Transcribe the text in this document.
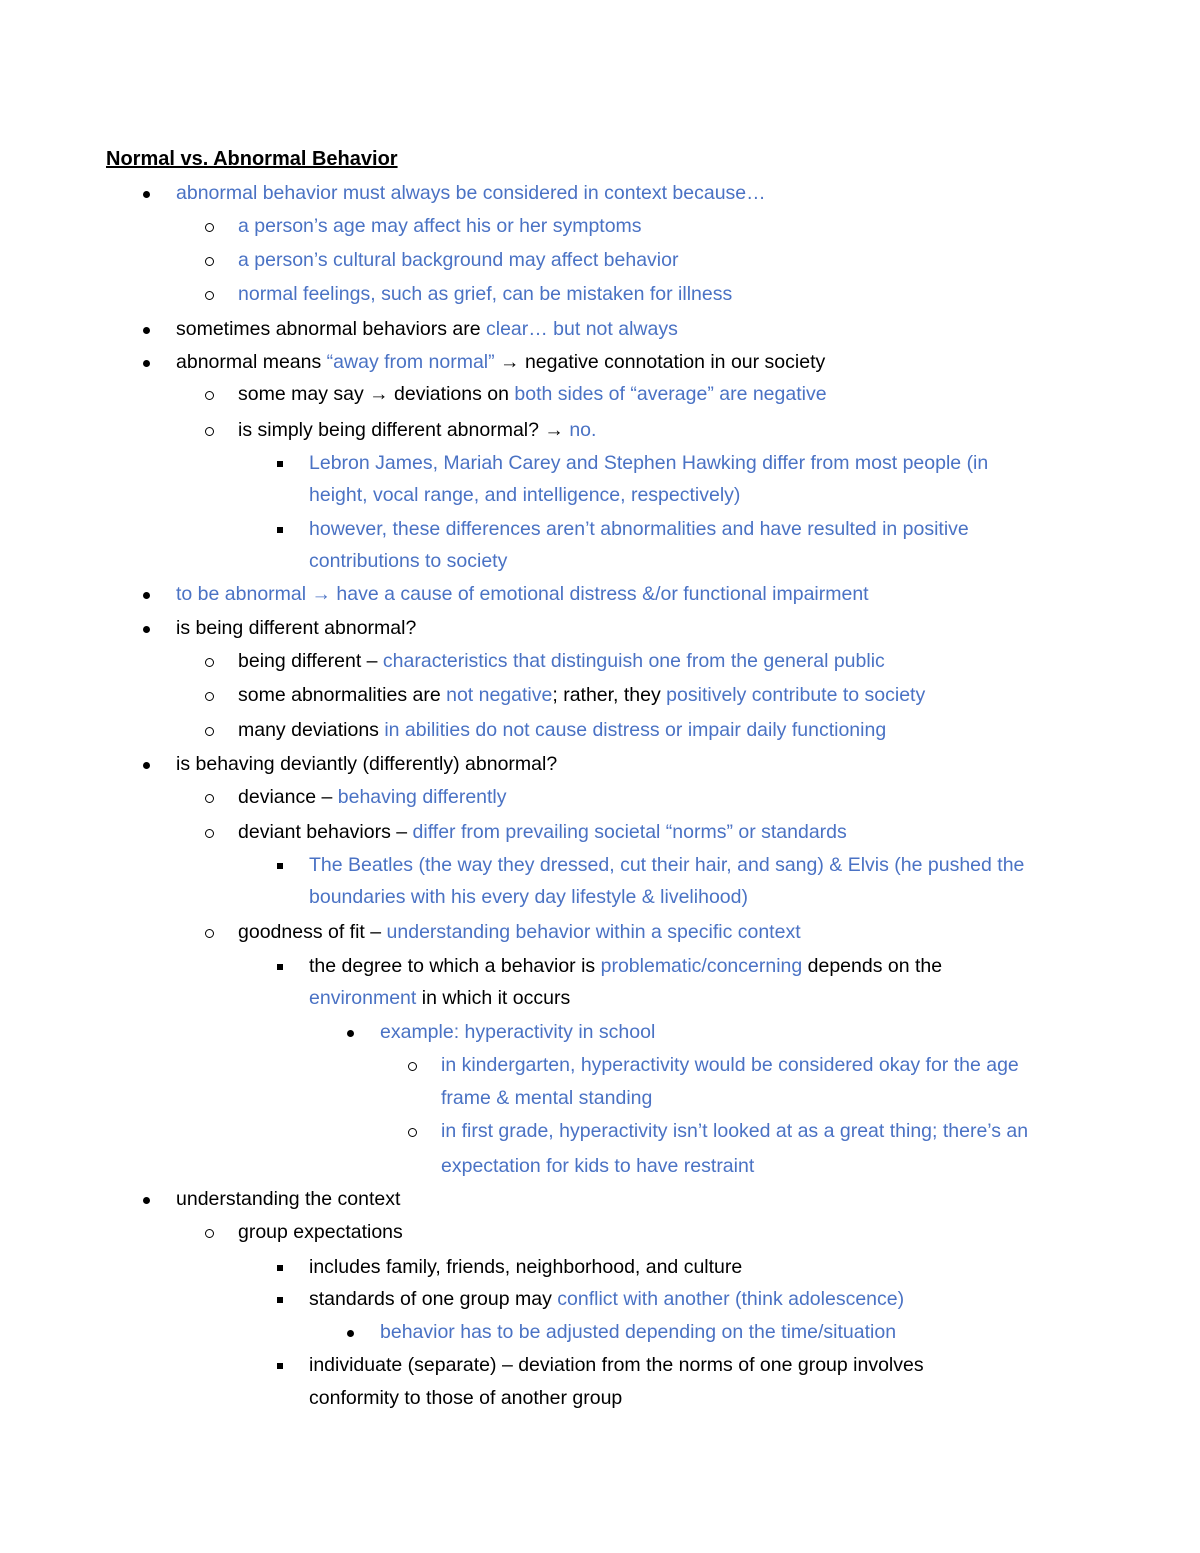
Normal vs. Abnormal Behavior
abnormal behavior must always be considered in context because…
a person’s age may affect his or her symptoms
a person’s cultural background may affect behavior
normal feelings, such as grief, can be mistaken for illness
sometimes abnormal behaviors are clear… but not always
abnormal means “away from normal” → negative connotation in our society
some may say → deviations on both sides of “average” are negative
is simply being different abnormal? → no.
Lebron James, Mariah Carey and Stephen Hawking differ from most people (in
height, vocal range, and intelligence, respectively)
however, these differences aren’t abnormalities and have resulted in positive
contributions to society
to be abnormal → have a cause of emotional distress &/or functional impairment
is being different abnormal?
being different – characteristics that distinguish one from the general public
some abnormalities are not negative; rather, they positively contribute to society
many deviations in abilities do not cause distress or impair daily functioning
is behaving deviantly (differently) abnormal?
deviance – behaving differently
deviant behaviors – differ from prevailing societal “norms” or standards
The Beatles (the way they dressed, cut their hair, and sang) & Elvis (he pushed the
boundaries with his every day lifestyle & livelihood)
goodness of fit – understanding behavior within a specific context
the degree to which a behavior is problematic/concerning depends on the
environment in which it occurs
example: hyperactivity in school
in kindergarten, hyperactivity would be considered okay for the age
frame & mental standing
in first grade, hyperactivity isn’t looked at as a great thing; there’s an
expectation for kids to have restraint
understanding the context
group expectations
includes family, friends, neighborhood, and culture
standards of one group may conflict with another (think adolescence)
behavior has to be adjusted depending on the time/situation
individuate (separate) – deviation from the norms of one group involves
conformity to those of another group
